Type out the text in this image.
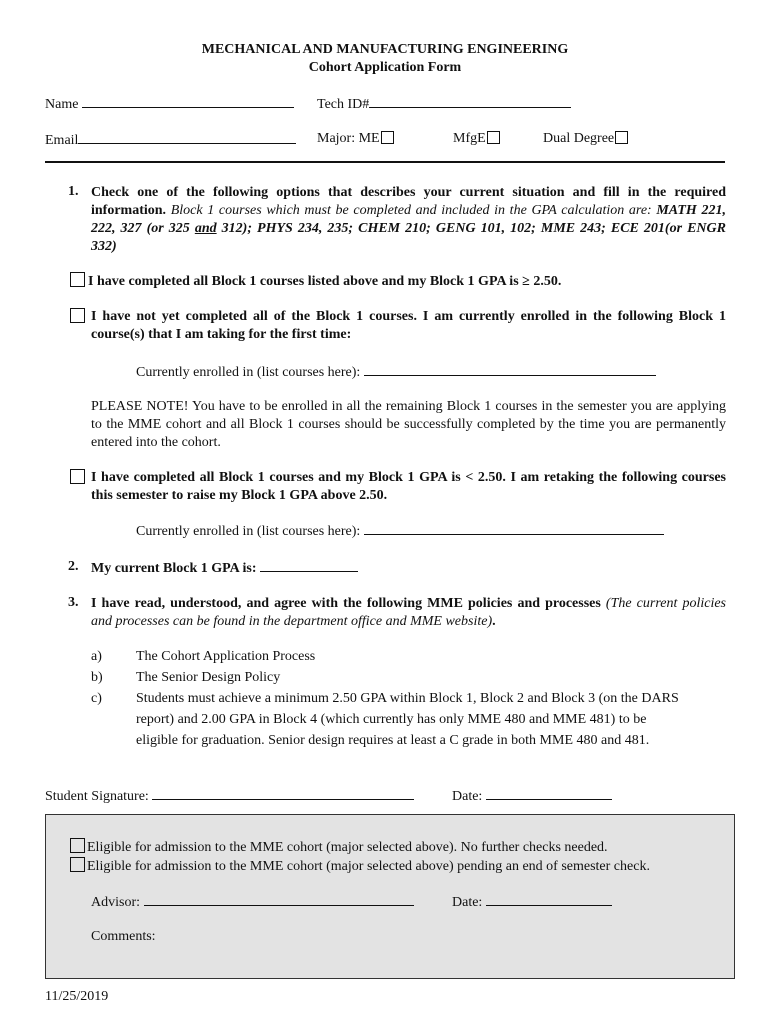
MECHANICAL AND MANUFACTURING ENGINEERING
Cohort Application Form
Name	Tech ID#
Email	Major: ME	MfgE	Dual Degree
1. Check one of the following options that describes your current situation and fill in the required information. Block 1 courses which must be completed and included in the GPA calculation are: MATH 221, 222, 327 (or 325 and 312); PHYS 234, 235; CHEM 210; GENG 101, 102; MME 243; ECE 201(or ENGR 332)
I have completed all Block 1 courses listed above and my Block 1 GPA is ≥ 2.50.
I have not yet completed all of the Block 1 courses. I am currently enrolled in the following Block 1 course(s) that I am taking for the first time:
Currently enrolled in (list courses here):
PLEASE NOTE! You have to be enrolled in all the remaining Block 1 courses in the semester you are applying to the MME cohort and all Block 1 courses should be successfully completed by the time you are permanently entered into the cohort.
I have completed all Block 1 courses and my Block 1 GPA is < 2.50. I am retaking the following courses this semester to raise my Block 1 GPA above 2.50.
Currently enrolled in (list courses here):
2. My current Block 1 GPA is:
3. I have read, understood, and agree with the following MME policies and processes (The current policies and processes can be found in the department office and MME website).
a) The Cohort Application Process
b) The Senior Design Policy
c) Students must achieve a minimum 2.50 GPA within Block 1, Block 2 and Block 3 (on the DARS
report) and 2.00 GPA in Block 4 (which currently has only MME 480 and MME 481) to be
eligible for graduation. Senior design requires at least a C grade in both MME 480 and 481.
Student Signature:	Date:
Eligible for admission to the MME cohort (major selected above). No further checks needed.
Eligible for admission to the MME cohort (major selected above) pending an end of semester check.
Advisor:	Date:
Comments:
11/25/2019
